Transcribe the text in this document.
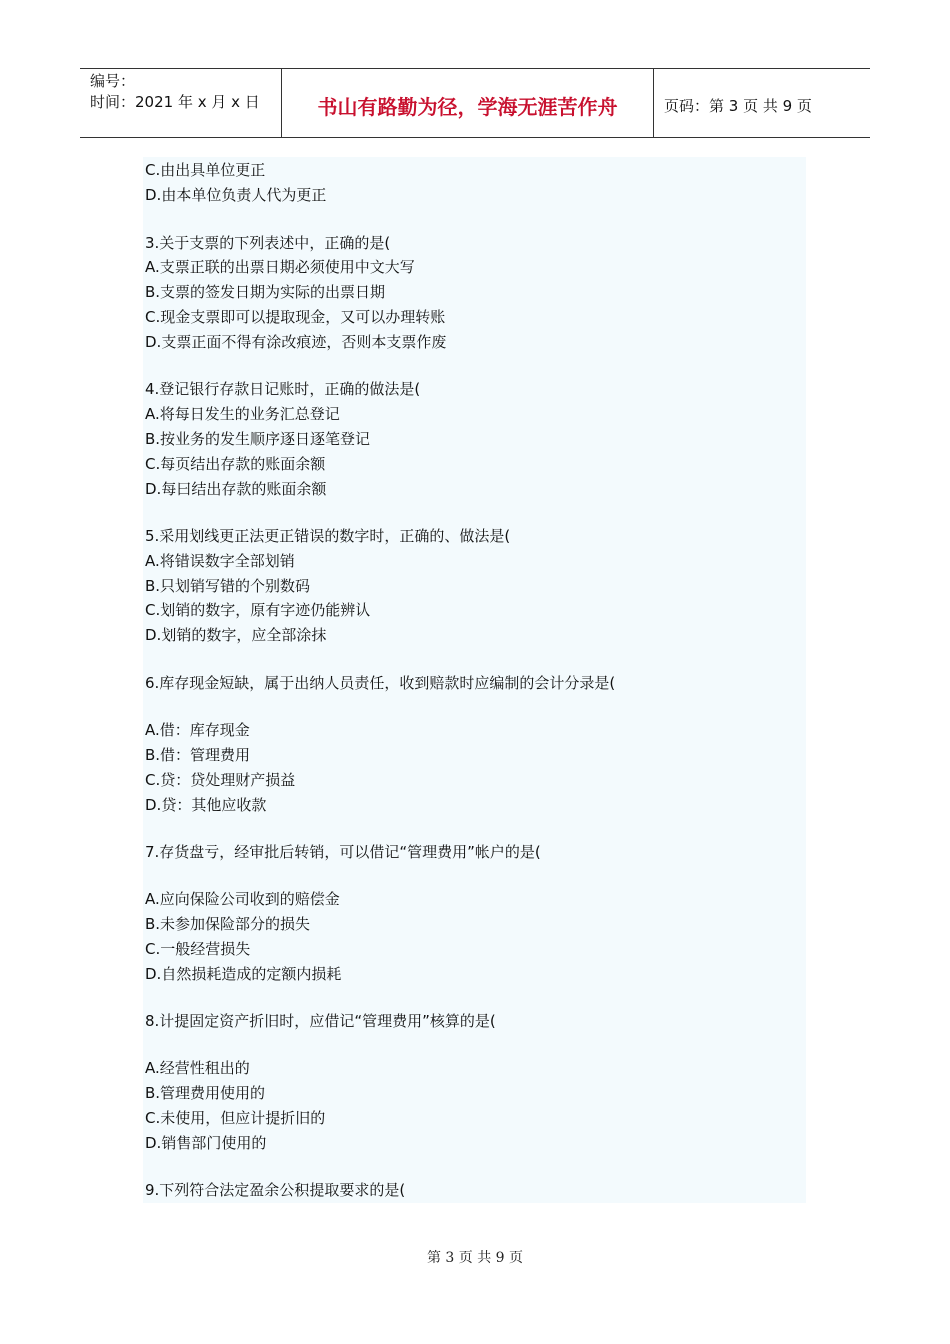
编号：
时间：2021 年 x 月 x 日	书山有路勤为径，学海无涯苦作舟	页码：第 3 页 共 9 页
C.由出具单位更正
D.由本单位负责人代为更正
3.关于支票的下列表述中，正确的是(
A.支票正联的出票日期必须使用中文大写
B.支票的签发日期为实际的出票日期
C.现金支票即可以提取现金，又可以办理转账
D.支票正面不得有涂改痕迹，否则本支票作废
4.登记银行存款日记账时，正确的做法是(
A.将每日发生的业务汇总登记
B.按业务的发生顺序逐日逐笔登记
C.每页结出存款的账面余额
D.每曰结出存款的账面余额
5.采用划线更正法更正错误的数字时，正确的、做法是(
A.将错误数字全部划销
B.只划销写错的个别数码
C.划销的数字，原有字迹仍能辨认
D.划销的数字，应全部涂抹
6.库存现金短缺，属于出纳人员责任，收到赔款时应编制的会计分录是(
A.借：库存现金
B.借：管理费用
C.贷：贷处理财产损益
D.贷：其他应收款
7.存货盘亏，经审批后转销，可以借记“管理费用”帐户的是(
A.应向保险公司收到的赔偿金
B.未参加保险部分的损失
C.一般经营损失
D.自然损耗造成的定额内损耗
8.计提固定资产折旧时，应借记“管理费用”核算的是(
A.经营性租出的
B.管理费用使用的
C.未使用，但应计提折旧的
D.销售部门使用的
9.下列符合法定盈余公积提取要求的是(
第 3 页 共 9 页
